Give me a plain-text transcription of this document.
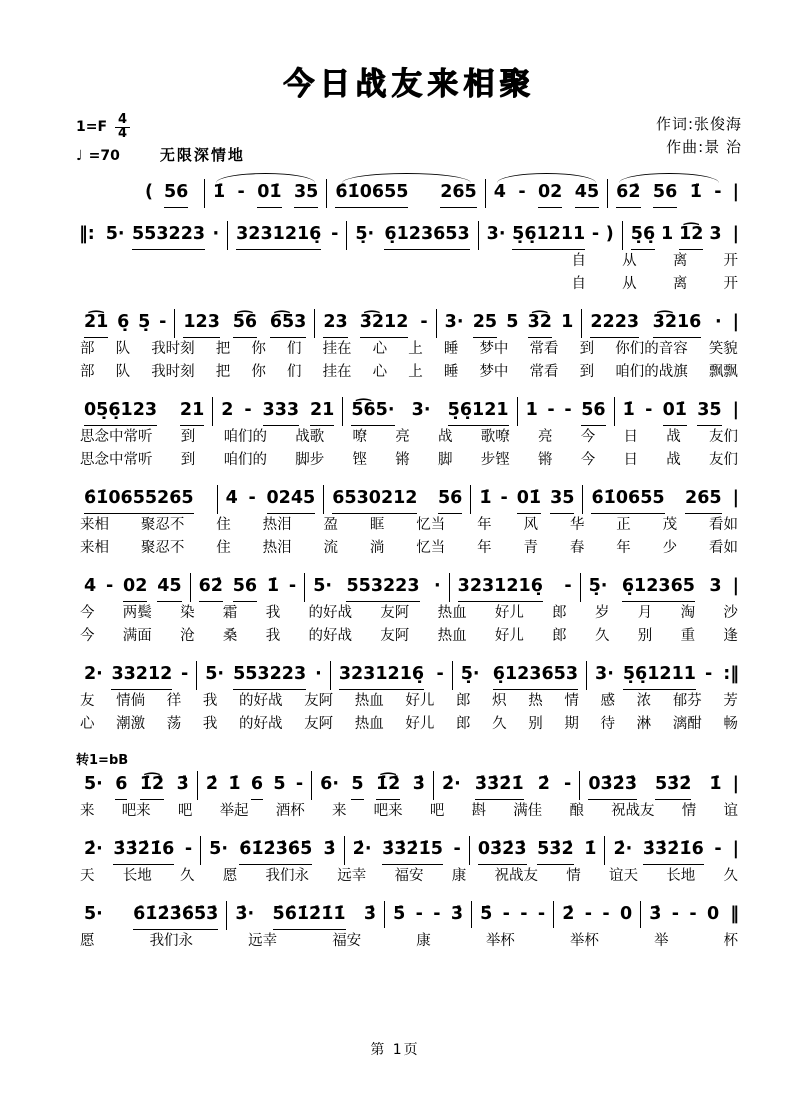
今日战友来相聚
$1=F \frac{4}{4}$
♩ =70	无限深情地
作词:张俊海
作曲:景 治
( 56 1̇ - 01̇ 35 6̇1̇0655 265 4 - 02 45 62̇ 56 1̇ - |
‖: 5· 553223 · 3231216̣ - 5̣· 6̣123653 3· 5̣6̣1211 - ) 5̣6̣ 1 1͡2 3 |
自 从 离 开
自 从 离 开
2͡1 6̣ 5̣ - 123 5͡6 6͡53 23 3͡212 - 3· 25 5 3͡2 1 2223 3͡216 · |
部 队 我时刻 把 你 们 挂在 心 上 睡 梦中 常看 到 你们的音容 笑貌
部 队 我时刻 把 你 们 挂在 心 上 睡 梦中 常看 到 咱们的战旗 飘飘
05̣6̣123 21 2 - 333 21 5͡65· 3· 5̣6̣121 1 - - 56 1̇ - 01̇ 35 |
思念中常听 到 咱们的 战歌 嘹 亮 战 歌嘹 亮 今 日 战 友们
思念中常听 到 咱们的 脚步 铿 锵 脚 步铿 锵 今 日 战 友们
6̇1̇0655265 4 - 0245 6530212 56 1̇ - 01̇ 35 6̇1̇0655 265 |
来相 聚忍不 住 热泪 盈 眶 忆当 年 风 华 正 茂 看如
来相 聚忍不 住 热泪 流 淌 忆当 年 青 春 年 少 看如
4 - 02 45 62̇ 56 1̇ - 5· 553223 · 3231216̣ - 5̣· 6̣12365 3 |
今 两鬓 染 霜 我 的好战 友阿 热血 好儿 郎 岁 月 淘 沙
今 满面 沧 桑 我 的好战 友阿 热血 好儿 郎 久 别 重 逢
2· 33212 - 5· 553223 · 3231216̣ - 5̣· 6̣123653 3· 5̣6̣1211 - :‖
友 情倘 徉 我 的好战 友阿 热血 好儿 郎 炽 热 情 感 浓 郁芬 芳
心 潮激 荡 我 的好战 友阿 热血 好儿 郎 久 别 期 待 淋 漓酣 畅
转1=bB
5· 6 1̇͡2̇ 3̇ 2̇ 1̇ 6 5 - 6· 5 1̇͡2̇ 3̇ 2̇· 3̇3̇2̇1̇ 2̇ - 03̇2̇3̇ 53̇2̇ 1̇ |
来 吧来 吧 举起 酒杯 来 吧来 吧 斟 满佳 酿 祝战友 情 谊
2̇· 3̇3̇2̇1̇6 - 5· 6̇1̇2̇3̇6̇5̇ 3̇ 2̇· 3̇3̇2̇1̇5 - 03̇2̇3̇ 53̇2̇ 1̇ 2̇· 3̇3̇2̇1̇6 - |
天 长地 久 愿 我们永 远幸 福安 康 祝战友 情 谊天 长地 久
5· 6̇1̇2̇3̇6̇5̇3̇ 3̇· 5̇6̇1̇2̇1̇1̇ 3̇ 5̇ - - 3̇ 5̇ - - - 2̇ - - 0 3̇̇ - - 0 ‖
愿	我们永	远幸	福安	康	举杯	举杯	举	杯
第 1页
